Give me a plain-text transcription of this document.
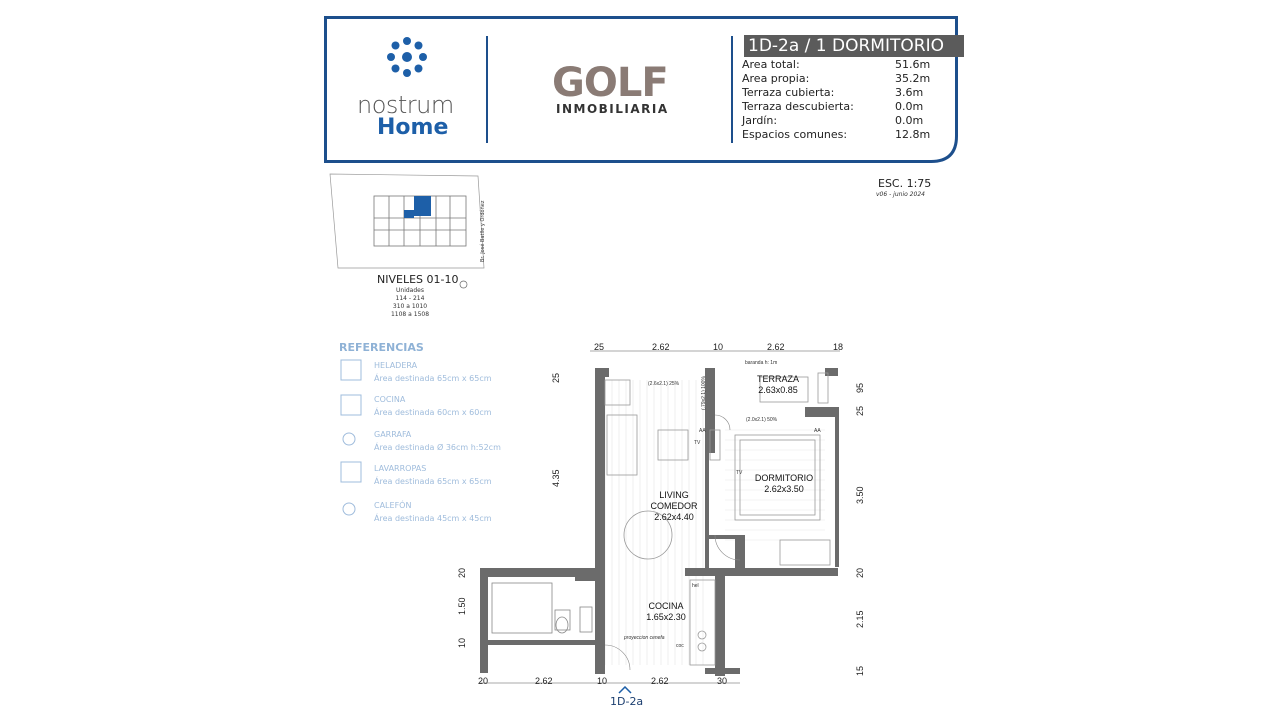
nostrum
Home
GOLF
INMOBILIARIA
1D-2a / 1 DORMITORIO
Area total:	51.6m
Area propia:	35.2m
Terraza cubierta:	3.6m
Terraza descubierta:	0.0m
Jardín:	0.0m
Espacios comunes:	12.8m
ESC. 1:75
v06 - junio 2024
Br. José Batlle y Ordóñez
NIVELES 01-10
Unidades
114 - 214
310 a 1010
1108 a 1508
REFERENCIAS
HELADERA
Área destinada 65cm x 65cm
COCINA
Área destinada 60cm x 60cm
GARRAFA
Área destinada Ø 36cm h:52cm
LAVARROPAS
Área destinada 65cm x 65cm
CALEFÓN
Área destinada 45cm x 45cm
TERRAZA
2.63x0.85
DORMITORIO
2.62x3.50
LIVING
COMEDOR
2.62x4.40
COCINA
1.65x2.30
25	2.62	10	2.62	18
20	2.62	10	2.62	30
25
4.35
20
1.50
10
95
25
3.50
20
2.15
15
baranda h: 1m
(2.6x2.1) 25%
(2.0x2.1) 50%
(.79x2.1) 100%
proyeccion cenefa
TV
TV
AA	AA
hel
coc
1D-2a
